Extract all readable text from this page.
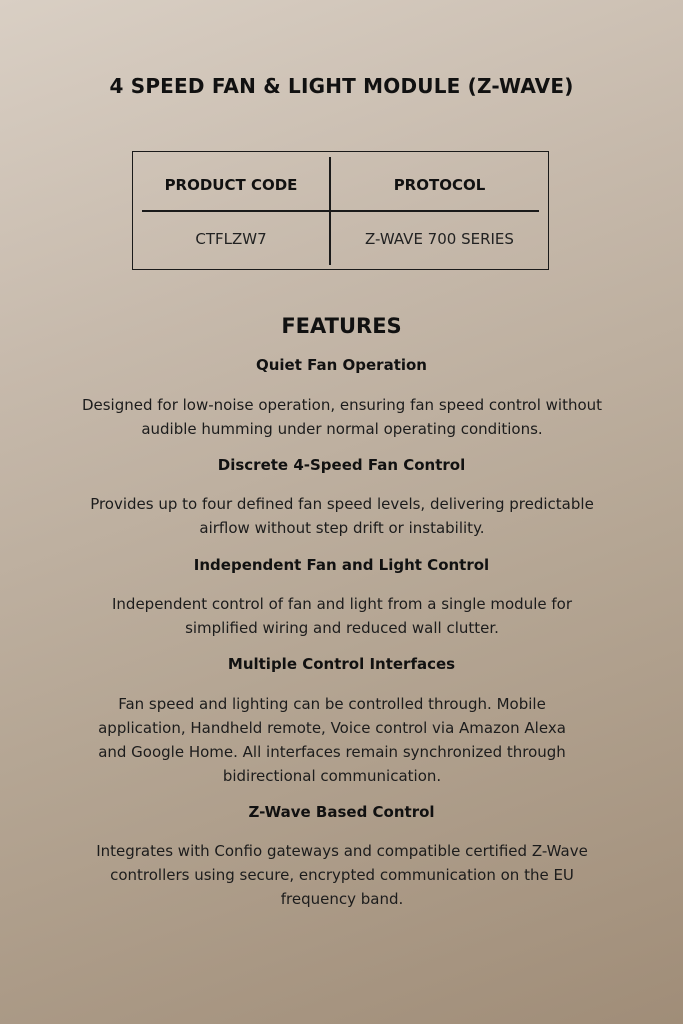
4 SPEED FAN & LIGHT MODULE (Z-WAVE)
PRODUCT CODE	PROTOCOL
CTFLZW7	Z-WAVE 700 SERIES
FEATURES
Quiet Fan Operation
Designed for low-noise operation, ensuring fan speed control without audible humming under normal operating conditions.
Discrete 4-Speed Fan Control
Provides up to four defined fan speed levels, delivering predictable airflow without step drift or instability.
Independent Fan and Light Control
Independent control of fan and light from a single module for simplified wiring and reduced wall clutter.
Multiple Control Interfaces
Fan speed and lighting can be controlled through. Mobile application, Handheld remote, Voice control via Amazon Alexa and Google Home. All interfaces remain synchronized through bidirectional communication.
Z-Wave Based Control
Integrates with Confio gateways and compatible certified Z-Wave controllers using secure, encrypted communication on the EU frequency band.
